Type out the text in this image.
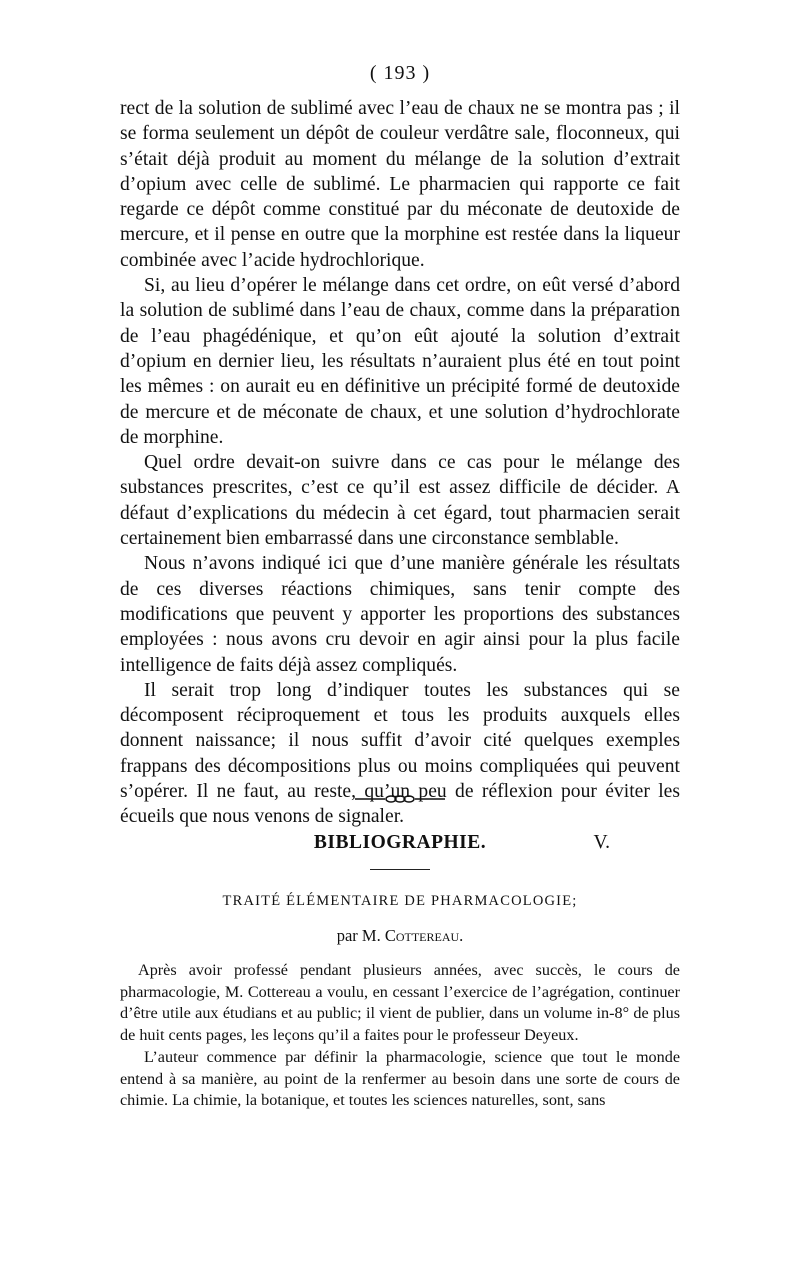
( 193 )

rect de la solution de sublimé avec l’eau de chaux ne se montra pas ; il se forma seulement un dépôt de couleur verdâtre sale, floconneux, qui s’était déjà produit au moment du mélange de la solution d’extrait d’opium avec celle de sublimé. Le pharmacien qui rapporte ce fait regarde ce dépôt comme constitué par du méconate de deutoxide de mercure, et il pense en outre que la morphine est restée dans la liqueur combinée avec l’acide hydrochlorique.

Si, au lieu d’opérer le mélange dans cet ordre, on eût versé d’abord la solution de sublimé dans l’eau de chaux, comme dans la préparation de l’eau phagédénique, et qu’on eût ajouté la solution d’extrait d’opium en dernier lieu, les résultats n’auraient plus été en tout point les mêmes : on aurait eu en définitive un précipité formé de deutoxide de mercure et de méconate de chaux, et une solution d’hydrochlorate de morphine.

Quel ordre devait-on suivre dans ce cas pour le mélange des substances prescrites, c’est ce qu’il est assez difficile de décider. A défaut d’explications du médecin à cet égard, tout pharmacien serait certainement bien embarrassé dans une circonstance semblable.

Nous n’avons indiqué ici que d’une manière générale les résultats de ces diverses réactions chimiques, sans tenir compte des modifications que peuvent y apporter les proportions des substances employées : nous avons cru devoir en agir ainsi pour la plus facile intelligence de faits déjà assez compliqués.

Il serait trop long d’indiquer toutes les substances qui se décomposent réciproquement et tous les produits auxquels elles donnent naissance; il nous suffit d’avoir cité quelques exemples frappans des décompositions plus ou moins compliquées qui peuvent s’opérer. Il ne faut, au reste, qu’un peu de réflexion pour éviter les écueils que nous venons de signaler.

V.
BIBLIOGRAPHIE.
TRAITÉ ÉLÉMENTAIRE DE PHARMACOLOGIE;
par M. Cottereau.

Après avoir professé pendant plusieurs années, avec succès, le cours de pharmacologie, M. Cottereau a voulu, en cessant l’exercice de l’agrégation, continuer d’être utile aux étudians et au public; il vient de publier, dans un volume in-8° de plus de huit cents pages, les leçons qu’il a faites pour le professeur Deyeux.

L’auteur commence par définir la pharmacologie, science que tout le monde entend à sa manière, au point de la renfermer au besoin dans une sorte de cours de chimie. La chimie, la botanique, et toutes les sciences naturelles, sont, sans
